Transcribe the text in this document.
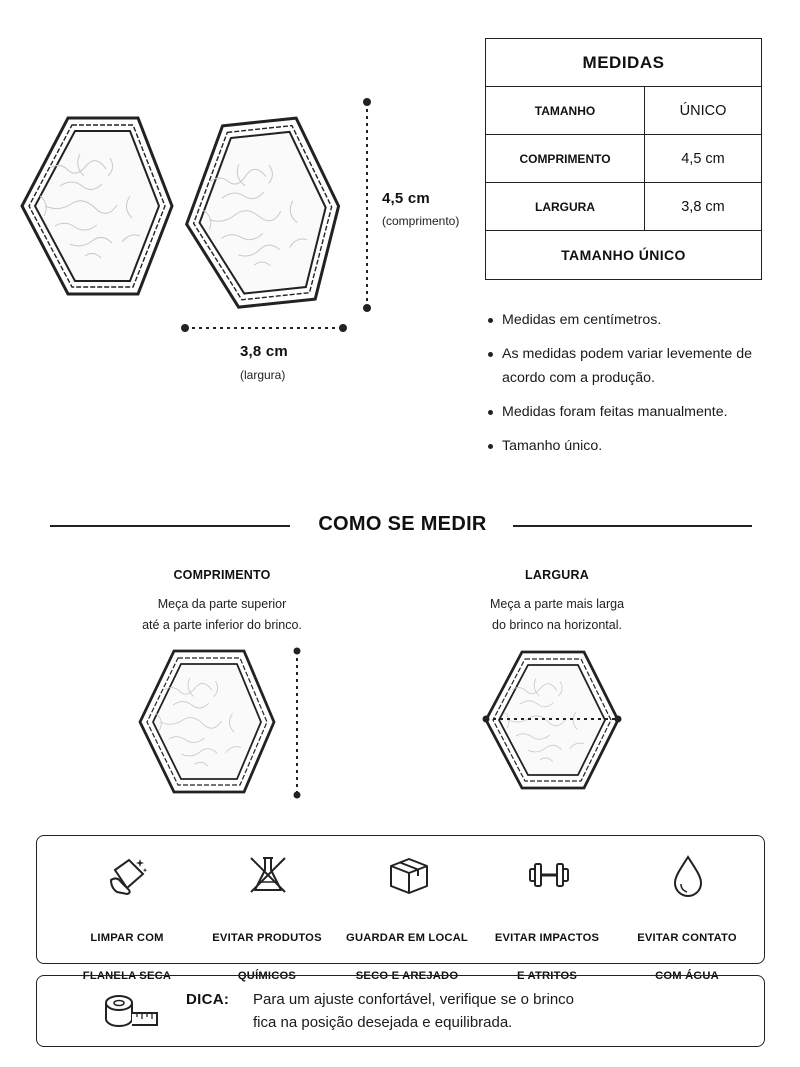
4,5 cm
(comprimento)
3,8 cm
(largura)
MEDIDAS	
TAMANHO	ÚNICO
COMPRIMENTO	4,5 cm
LARGURA	3,8 cm
TAMANHO ÚNICO	
Medidas em centímetros.
As medidas podem variar levemente de acordo com a produção.
Medidas foram feitas manualmente.
Tamanho único.
COMO SE MEDIR
COMPRIMENTO
Meça da parte superior
até a parte inferior do brinco.
LARGURA
Meça a parte mais larga
do brinco na horizontal.

LIMPAR COM

FLANELA SECA

EVITAR PRODUTOS

QUÍMICOS

GUARDAR EM LOCAL

SECO E AREJADO

EVITAR IMPACTOS

E ATRITOS

EVITAR CONTATO

COM ÁGUA

DICA: Para um ajuste confortável, verifique se o brinco
fica na posição desejada e equilibrada.
